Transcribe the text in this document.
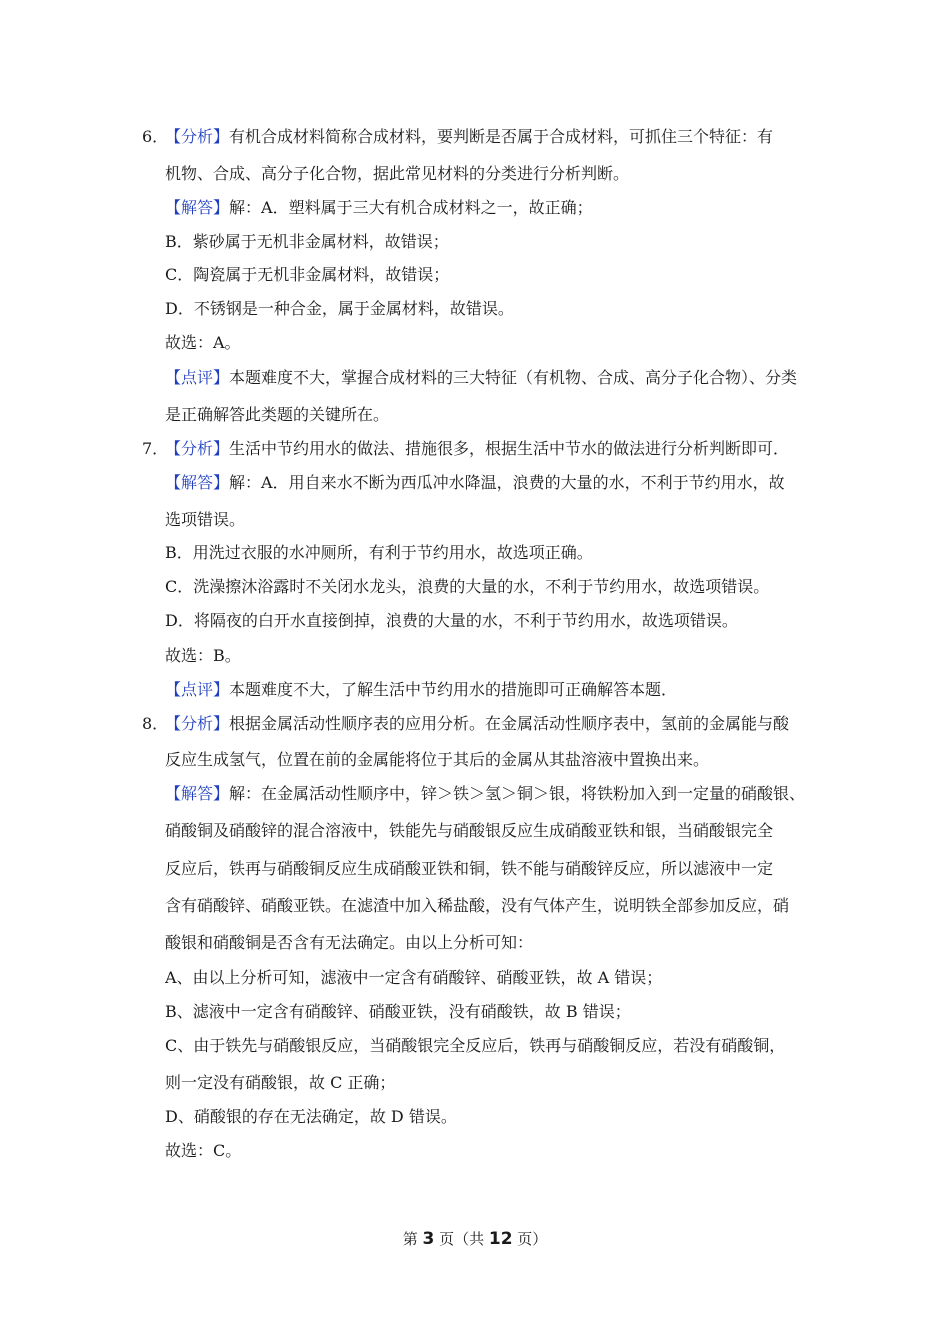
6．
【分析】有机合成材料简称合成材料，要判断是否属于合成材料，可抓住三个特征：有
机物、合成、高分子化合物，据此常见材料的分类进行分析判断。
【解答】解：A．塑料属于三大有机合成材料之一，故正确；
B．紫砂属于无机非金属材料，故错误；
C．陶瓷属于无机非金属材料，故错误；
D．不锈钢是一种合金，属于金属材料，故错误。
故选：A。
【点评】本题难度不大，掌握合成材料的三大特征（有机物、合成、高分子化合物）、分类
是正确解答此类题的关键所在。
7．
【分析】生活中节约用水的做法、措施很多，根据生活中节水的做法进行分析判断即可．
【解答】解：A．用自来水不断为西瓜冲水降温，浪费的大量的水，不利于节约用水，故
选项错误。
B．用洗过衣服的水冲厕所，有利于节约用水，故选项正确。
C．洗澡擦沐浴露时不关闭水龙头，浪费的大量的水，不利于节约用水，故选项错误。
D．将隔夜的白开水直接倒掉，浪费的大量的水，不利于节约用水，故选项错误。
故选：B。
【点评】本题难度不大，了解生活中节约用水的措施即可正确解答本题．
8．
【分析】根据金属活动性顺序表的应用分析。在金属活动性顺序表中，氢前的金属能与酸
反应生成氢气，位置在前的金属能将位于其后的金属从其盐溶液中置换出来。
【解答】解：在金属活动性顺序中，锌＞铁＞氢＞铜＞银，将铁粉加入到一定量的硝酸银、
硝酸铜及硝酸锌的混合溶液中，铁能先与硝酸银反应生成硝酸亚铁和银，当硝酸银完全
反应后，铁再与硝酸铜反应生成硝酸亚铁和铜，铁不能与硝酸锌反应，所以滤液中一定
含有硝酸锌、硝酸亚铁。在滤渣中加入稀盐酸，没有气体产生，说明铁全部参加反应，硝
酸银和硝酸铜是否含有无法确定。由以上分析可知：
A、由以上分析可知，滤液中一定含有硝酸锌、硝酸亚铁，故 A 错误；
B、滤液中一定含有硝酸锌、硝酸亚铁，没有硝酸铁，故 B 错误；
C、由于铁先与硝酸银反应，当硝酸银完全反应后，铁再与硝酸铜反应，若没有硝酸铜，
则一定没有硝酸银，故 C 正确；
D、硝酸银的存在无法确定，故 D 错误。
故选：C。
第 3 页（共 12 页）
